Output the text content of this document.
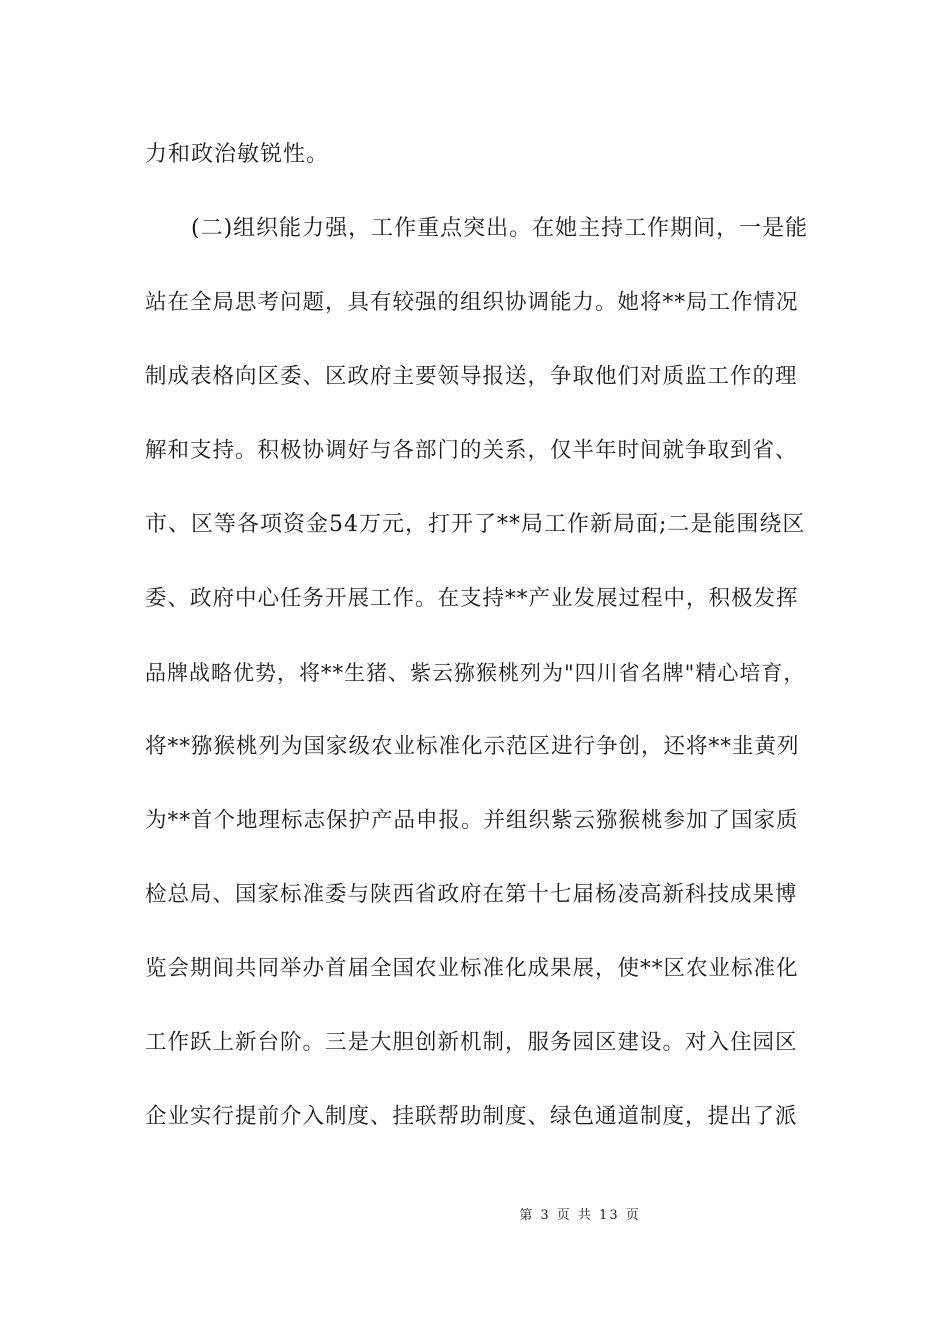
力和政治敏锐性。
　　(二)组织能力强，工作重点突出。在她主持工作期间，一是能
站在全局思考问题，具有较强的组织协调能力。她将**局工作情况
制成表格向区委、区政府主要领导报送，争取他们对质监工作的理
解和支持。积极协调好与各部门的关系，仅半年时间就争取到省、
市、区等各项资金54万元，打开了**局工作新局面;二是能围绕区
委、政府中心任务开展工作。在支持**产业发展过程中，积极发挥
品牌战略优势，将**生猪、紫云猕猴桃列为"四川省名牌"精心培育，
将**猕猴桃列为国家级农业标准化示范区进行争创，还将**韭黄列
为**首个地理标志保护产品申报。并组织紫云猕猴桃参加了国家质
检总局、国家标准委与陕西省政府在第十七届杨凌高新科技成果博
览会期间共同举办首届全国农业标准化成果展，使**区农业标准化
工作跃上新台阶。三是大胆创新机制，服务园区建设。对入住园区
企业实行提前介入制度、挂联帮助制度、绿色通道制度，提出了派
第 3 页 共 13 页
